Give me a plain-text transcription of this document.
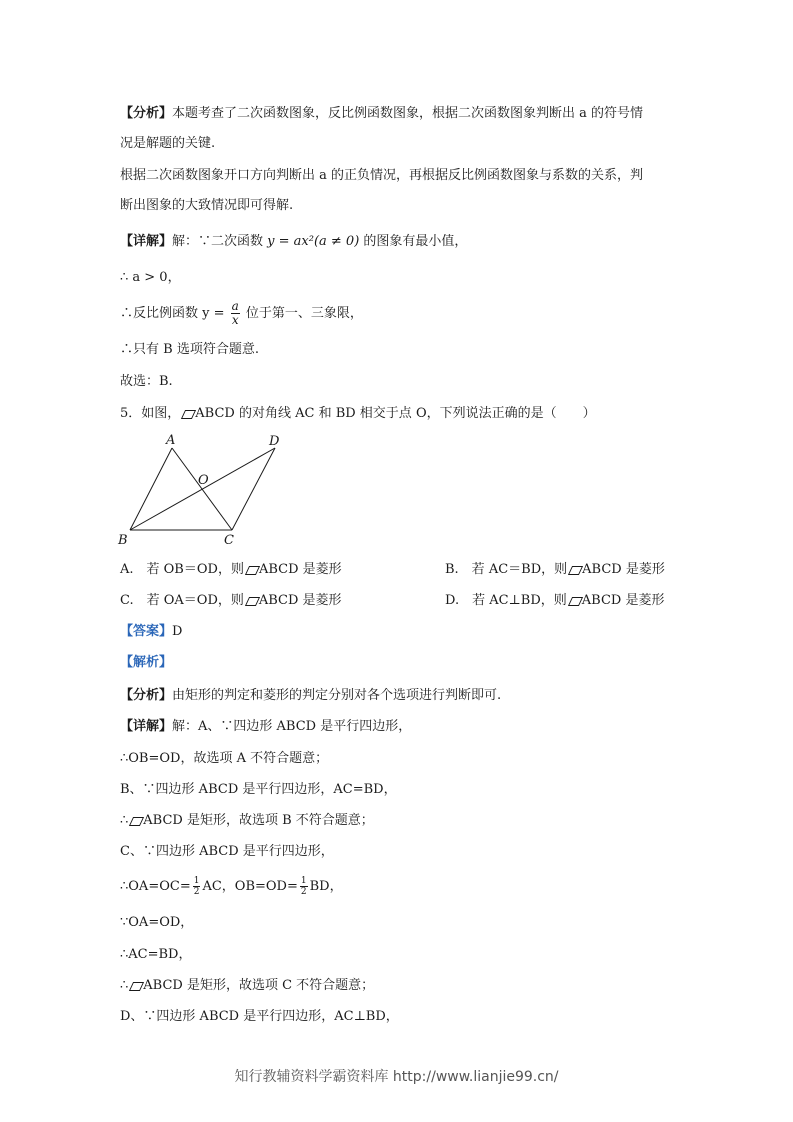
【分析】本题考查了二次函数图象，反比例函数图象，根据二次函数图象判断出 a 的符号情
况是解题的关键.
根据二次函数图象开口方向判断出 a 的正负情况，再根据反比例函数图象与系数的关系，判
断出图象的大致情况即可得解.
【详解】解：∵二次函数 y = ax²(a ≠ 0) 的图象有最小值，
∴ a > 0，
∴反比例函数 $y = \frac{a}{x}$ 位于第一、三象限，
∴只有 B 选项符合题意.
故选：B.
5．如图， ABCD 的对角线 AC 和 BD 相交于点 O，下列说法正确的是（　　）
A	D
O
B	C
A.　若 OB＝OD，则 ABCD 是菱形	B.　若 AC＝BD，则 ABCD 是菱形
C.　若 OA＝OD，则 ABCD 是菱形	D.　若 AC⊥BD，则 ABCD 是菱形
【答案】D
【解析】
【分析】由矩形的判定和菱形的判定分别对各个选项进行判断即可.
【详解】解：A、∵四边形 ABCD 是平行四边形，
∴OB=OD，故选项 A 不符合题意；
B、∵四边形 ABCD 是平行四边形，AC=BD，
∴ ABCD 是矩形，故选项 B 不符合题意；
C、∵四边形 ABCD 是平行四边形，
∴OA=OC= $\frac{1}{2}$ AC，$OB=OD= \frac{1}{2}$ BD，
∵OA=OD，
∴AC=BD，
∴ ABCD 是矩形，故选项 C 不符合题意；
D、∵四边形 ABCD 是平行四边形，AC⊥BD，
知行教辅资料学霸资料库 http://www.lianjie99.cn/
